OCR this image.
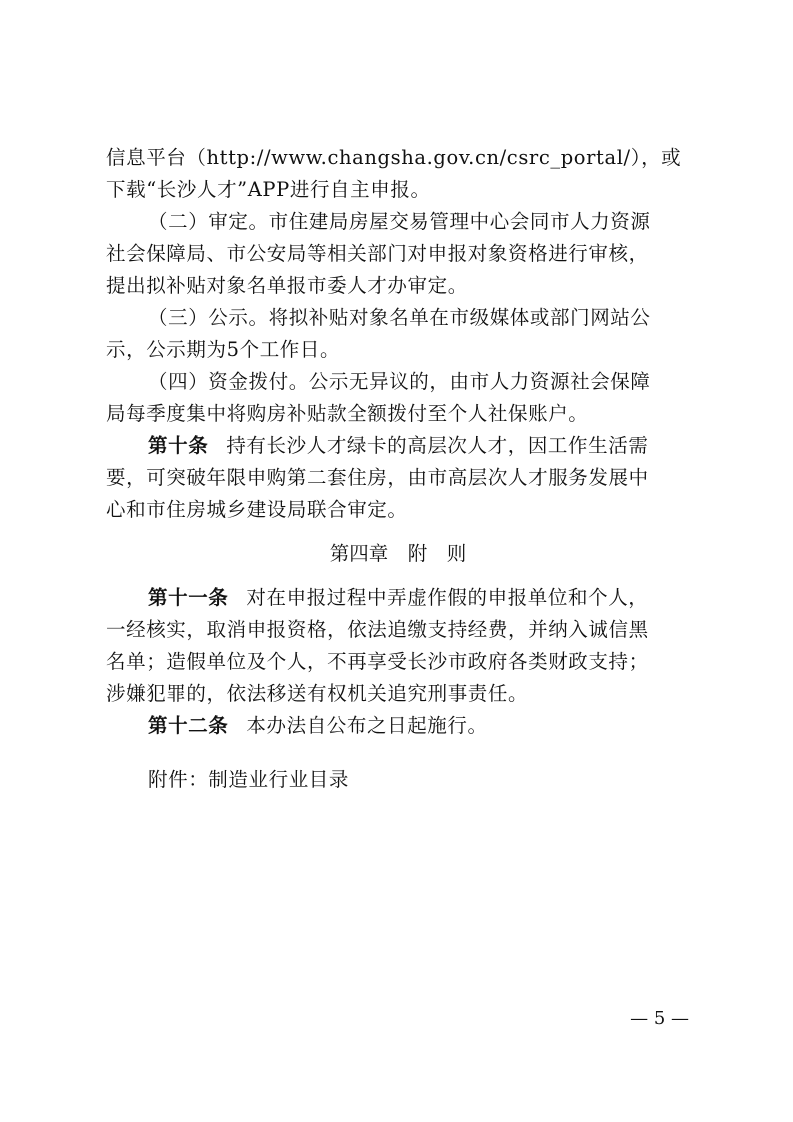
信息平台（http://www.changsha.gov.cn/csrc_portal/），或
下载“长沙人才”APP进行自主申报。
（二）审定。市住建局房屋交易管理中心会同市人力资源
社会保障局、市公安局等相关部门对申报对象资格进行审核，
提出拟补贴对象名单报市委人才办审定。
（三）公示。将拟补贴对象名单在市级媒体或部门网站公
示，公示期为5个工作日。
（四）资金拨付。公示无异议的，由市人力资源社会保障
局每季度集中将购房补贴款全额拨付至个人社保账户。
第十条 持有长沙人才绿卡的高层次人才，因工作生活需
要，可突破年限申购第二套住房，由市高层次人才服务发展中
心和市住房城乡建设局联合审定。
第四章　附　则
第十一条 对在申报过程中弄虚作假的申报单位和个人，
一经核实，取消申报资格，依法追缴支持经费，并纳入诚信黑
名单；造假单位及个人，不再享受长沙市政府各类财政支持；
涉嫌犯罪的，依法移送有权机关追究刑事责任。
第十二条 本办法自公布之日起施行。
附件：制造业行业目录
— 5 —
